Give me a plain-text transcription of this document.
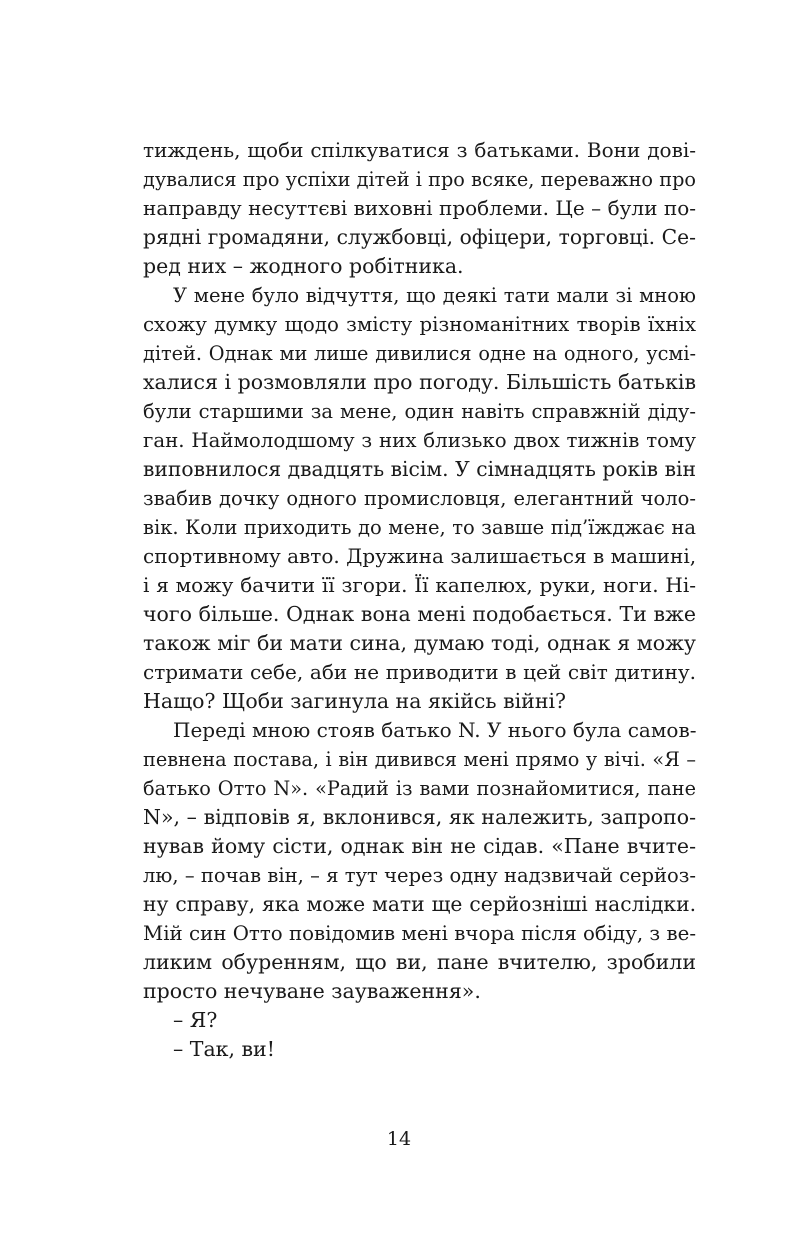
тиждень, щоби спілкуватися з батьками. Вони дові-
дувалися про успіхи дітей і про всяке, переважно про
направду несуттєві виховні проблеми. Це – були по-
рядні громадяни, службовці, офіцери, торговці. Се-
ред них – жодного робітника.
У мене було відчуття, що деякі тати мали зі мною
схожу думку щодо змісту різноманітних творів їхніх
дітей. Однак ми лише дивилися одне на одного, усмі-
халися і розмовляли про погоду. Більшість батьків
були старшими за мене, один навіть справжній діду-
ган. Наймолодшому з них близько двох тижнів тому
виповнилося двадцять вісім. У сімнадцять років він
звабив дочку одного промисловця, елегантний чоло-
вік. Коли приходить до мене, то завше під’їжджає на
спортивному авто. Дружина залишається в машині,
і я можу бачити її згори. Її капелюх, руки, ноги. Ні-
чого більше. Однак вона мені подобається. Ти вже
також міг би мати сина, думаю тоді, однак я можу
стримати себе, аби не приводити в цей світ дитину.
Нащо? Щоби загинула на якійсь війні?
Переді мною стояв батько N. У нього була самов-
певнена постава, і він дивився мені прямо у вічі. «Я –
батько Отто N». «Радий із вами познайомитися, пане
N», – відповів я, вклонився, як належить, запропо-
нував йому сісти, однак він не сідав. «Пане вчите-
лю, – почав він, – я тут через одну надзвичай серйоз-
ну справу, яка може мати ще серйозніші наслідки.
Мій син Отто повідомив мені вчора після обіду, з ве-
ликим обуренням, що ви, пане вчителю, зробили
просто нечуване зауваження».
– Я?
– Так, ви!
14
